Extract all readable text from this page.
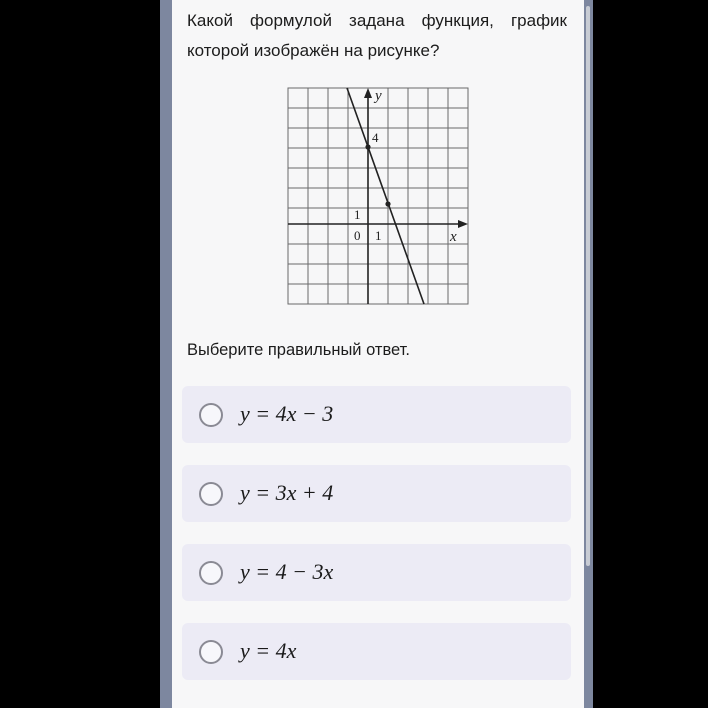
Какой формулой задана функция, график которой изображён на рисунке?
y
x
4
1
0 1
Выберите правильный ответ.
y = 4x − 3
y = 3x + 4
y = 4 − 3x
y = 4x
